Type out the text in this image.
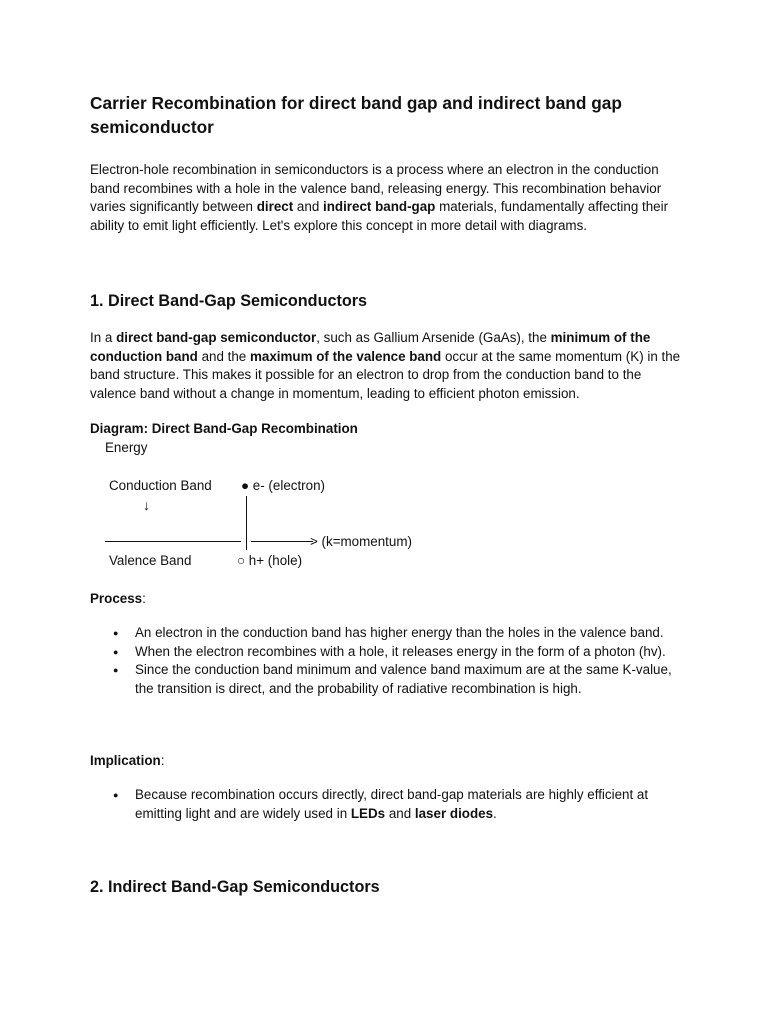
Carrier Recombination for direct band gap and indirect band gap semiconductor

Electron-hole recombination in semiconductors is a process where an electron in the conduction band recombines with a hole in the valence band, releasing energy. This recombination behavior varies significantly between direct and indirect band-gap materials, fundamentally affecting their ability to emit light efficiently. Let's explore this concept in more detail with diagrams.

1. Direct Band-Gap Semiconductors

In a direct band-gap semiconductor, such as Gallium Arsenide (GaAs), the minimum of the conduction band and the maximum of the valence band occur at the same momentum (K) in the band structure. This makes it possible for an electron to drop from the conduction band to the valence band without a change in momentum, leading to efficient photon emission.

Diagram: Direct Band-Gap Recombination
Energy
Conduction Band ● e- (electron)
↓
> (k=momentum)
Valence Band	○ h+ (hole)
Process:
● An electron in the conduction band has higher energy than the holes in the valence band.
● When the electron recombines with a hole, it releases energy in the form of a photon (hv).
● Since the conduction band minimum and valence band maximum are at the same K-value, the transition is direct, and the probability of radiative recombination is high.
Implication:
● Because recombination occurs directly, direct band-gap materials are highly efficient at emitting light and are widely used in LEDs and laser diodes.
2. Indirect Band-Gap Semiconductors
